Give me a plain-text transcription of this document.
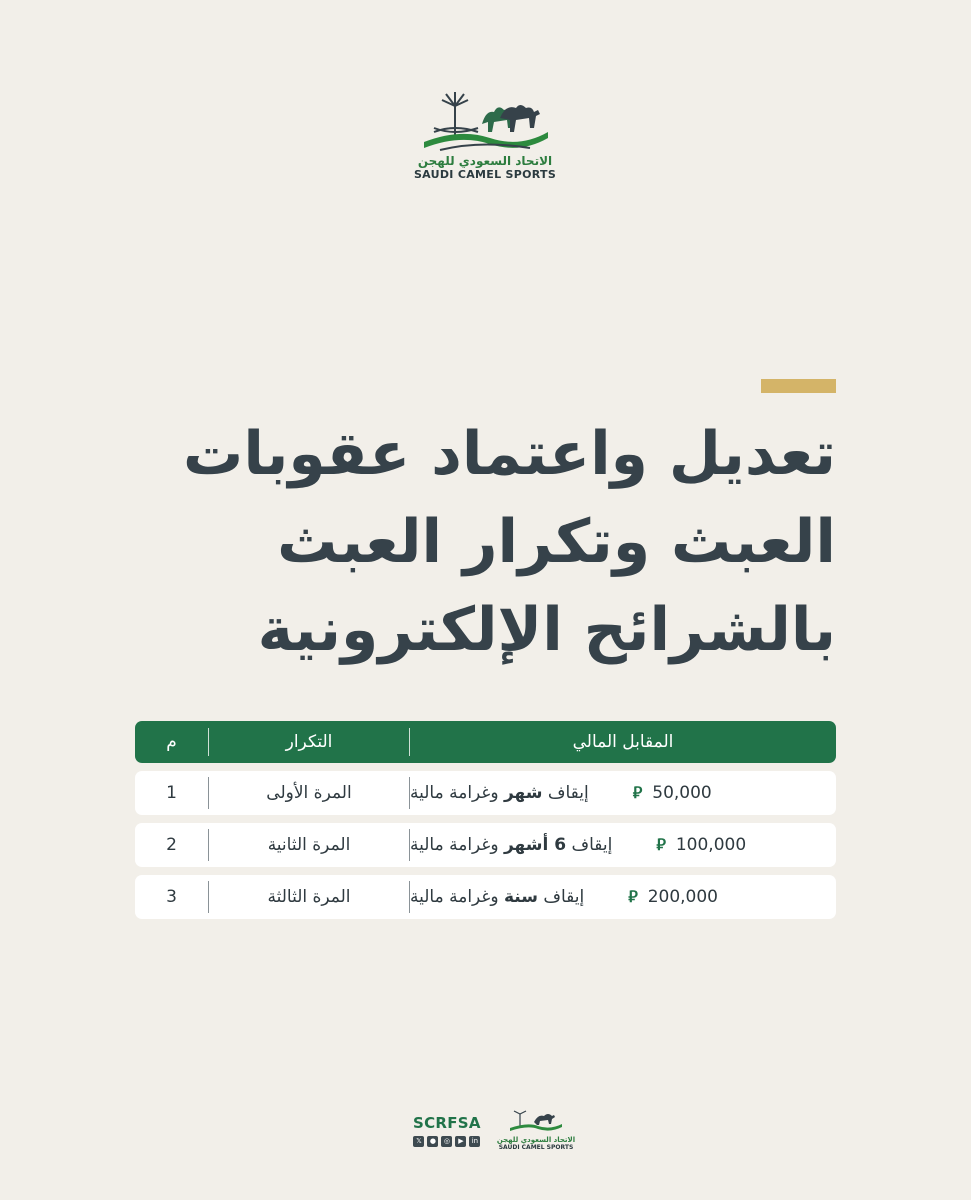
الاتحاد السعودي للهجن
SAUDI CAMEL SPORTS
تعديل واعتماد عقوبات
العبث وتكرار العبث
بالشرائح الإلكترونية
م	التكرار	المقابل المالي
1	المرة الأولى	إيقاف شهر وغرامة مالية	⃁ 50,000
2	المرة الثانية	إيقاف 6 أشهر وغرامة مالية	⃁ 100,000
3	المرة الثالثة	إيقاف سنة وغرامة مالية	⃁ 200,000
SCRFSA
𝕏	●	◎	▶	in	الاتحاد السعودي للهجن
SAUDI CAMEL SPORTS
